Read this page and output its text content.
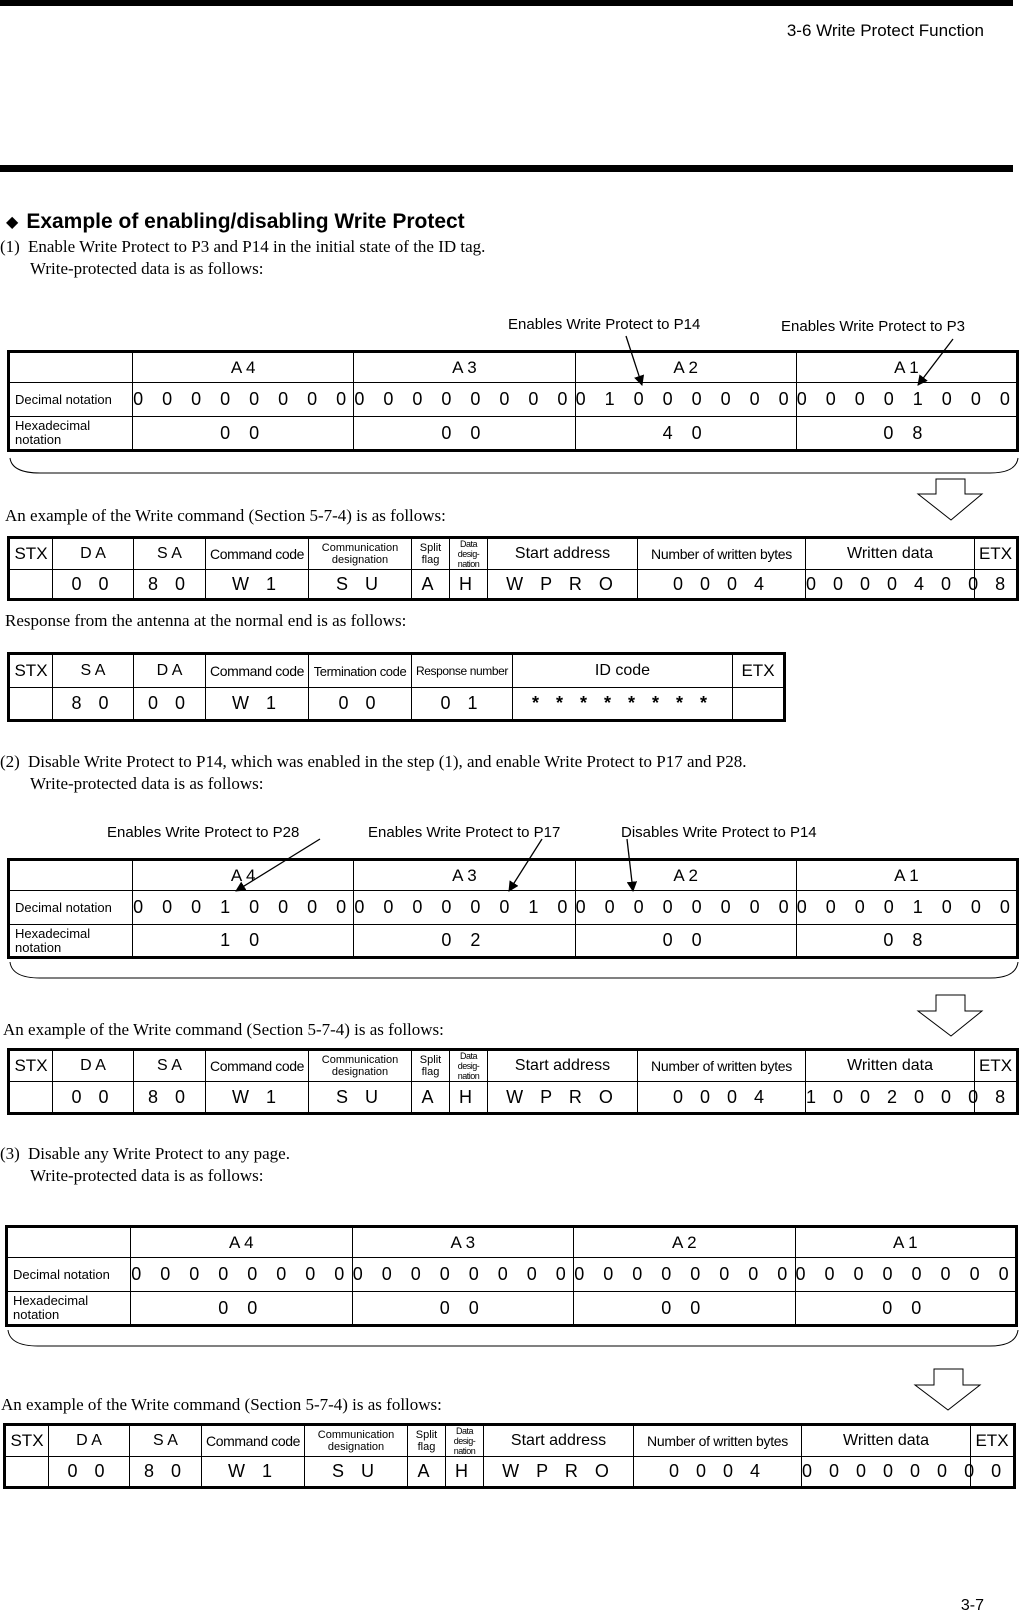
3-6 Write Protect Function
◆ Example of enabling/disabling Write Protect
(1) Enable Write Protect to P3 and P14 in the initial state of the ID tag.
Write-protected data is as follows:
Enables Write Protect to P14	Enables Write Protect to P3
	A 4	A 3	A 2	A 1
Decimal notation	0 0 0 0 0 0 0 0	0 0 0 0 0 0 0 0	0 1 0 0 0 0 0 0	0 0 0 0 1 0 0 0
Hexadecimal notation	0 0	0 0	4 0	0 8
An example of the Write command (Section 5-7-4) is as follows:
STX	D A	S A	Command code	Communication designation	Split flag	Data desig-nation	Start address	Number of written bytes	Written data	ETX
	0 0	8 0	W 1	S U	A	H	W P R O	0 0 0 4	0 0 0 0 4 0 0 8	
Response from the antenna at the normal end is as follows:
STX	S A	D A	Command code	Termination code	Response number	ID code	ETX
	8 0	0 0	W 1	0 0	0 1	* * * * * * * *	
(2) Disable Write Protect to P14, which was enabled in the step (1), and enable Write Protect to P17 and P28.
Write-protected data is as follows:
Enables Write Protect to P28	Enables Write Protect to P17	Disables Write Protect to P14
	A 4	A 3	A 2	A 1
Decimal notation	0 0 0 1 0 0 0 0	0 0 0 0 0 0 1 0	0 0 0 0 0 0 0 0	0 0 0 0 1 0 0 0
Hexadecimal notation	1 0	0 2	0 0	0 8
An example of the Write command (Section 5-7-4) is as follows:
STX	D A	S A	Command code	Communication designation	Split flag	Data desig-nation	Start address	Number of written bytes	Written data	ETX
	0 0	8 0	W 1	S U	A	H	W P R O	0 0 0 4	1 0 0 2 0 0 0 8	
(3) Disable any Write Protect to any page.
Write-protected data is as follows:
	A 4	A 3	A 2	A 1
Decimal notation	0 0 0 0 0 0 0 0	0 0 0 0 0 0 0 0	0 0 0 0 0 0 0 0	0 0 0 0 0 0 0 0
Hexadecimal notation	0 0	0 0	0 0	0 0
An example of the Write command (Section 5-7-4) is as follows:
STX	D A	S A	Command code	Communication designation	Split flag	Data desig-nation	Start address	Number of written bytes	Written data	ETX
	0 0	8 0	W 1	S U	A	H	W P R O	0 0 0 4	0 0 0 0 0 0 0 0	
3-7
